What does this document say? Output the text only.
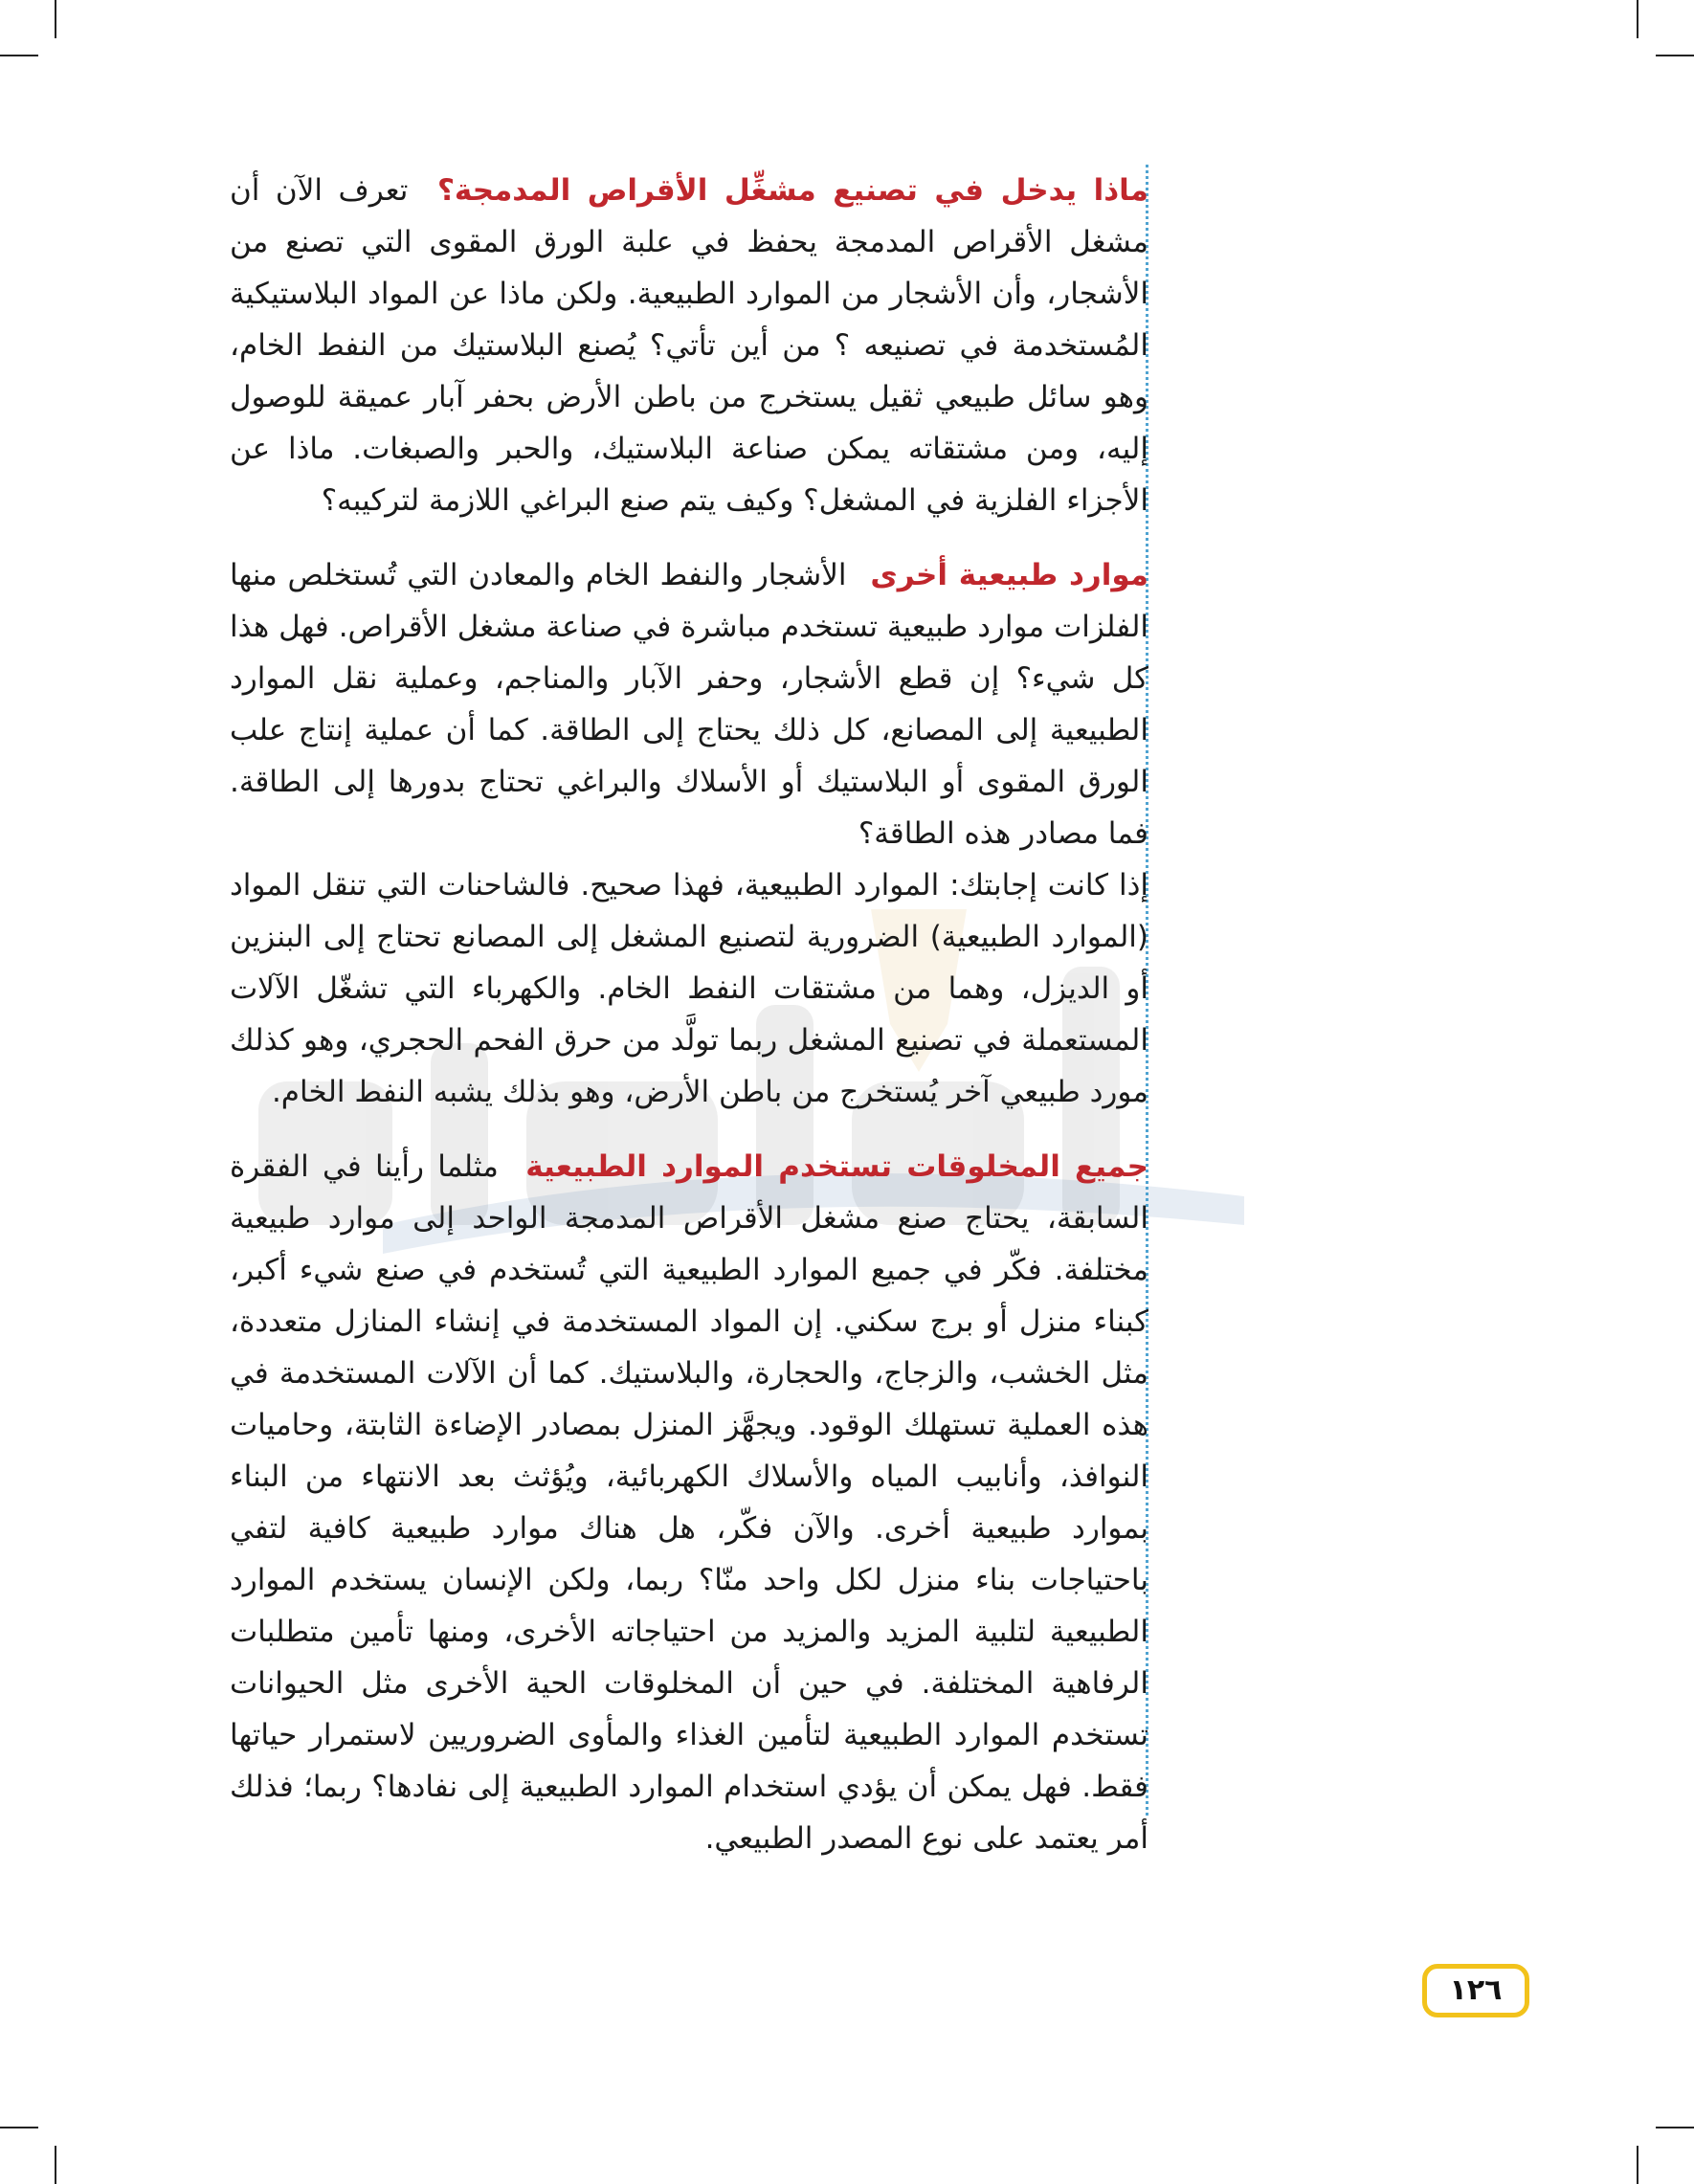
ماذا يدخل في تصنيع مشغِّل الأقراص المدمجة؟ تعرف الآن أن مشغل الأقراص المدمجة يحفظ في علبة الورق المقوى التي تصنع من الأشجار، وأن الأشجار من الموارد الطبيعية. ولكن ماذا عن المواد البلاستيكية المُستخدمة في تصنيعه ؟ من أين تأتي؟ يُصنع البلاستيك من النفط الخام، وهو سائل طبيعي ثقيل يستخرج من باطن الأرض بحفر آبار عميقة للوصول إليه، ومن مشتقاته يمكن صناعة البلاستيك، والحبر والصبغات. ماذا عن الأجزاء الفلزية في المشغل؟ وكيف يتم صنع البراغي اللازمة لتركيبه؟

موارد طبيعية أخرى الأشجار والنفط الخام والمعادن التي تُستخلص منها الفلزات موارد طبيعية تستخدم مباشرة في صناعة مشغل الأقراص. فهل هذا كل شيء؟ إن قطع الأشجار، وحفر الآبار والمناجم، وعملية نقل الموارد الطبيعية إلى المصانع، كل ذلك يحتاج إلى الطاقة. كما أن عملية إنتاج علب الورق المقوى أو البلاستيك أو الأسلاك والبراغي تحتاج بدورها إلى الطاقة. فما مصادر هذه الطاقة؟

إذا كانت إجابتك: الموارد الطبيعية، فهذا صحيح. فالشاحنات التي تنقل المواد (الموارد الطبيعية) الضرورية لتصنيع المشغل إلى المصانع تحتاج إلى البنزين أو الديزل، وهما من مشتقات النفط الخام. والكهرباء التي تشغّل الآلات المستعملة في تصنيع المشغل ربما تولَّد من حرق الفحم الحجري، وهو كذلك مورد طبيعي آخر يُستخرج من باطن الأرض، وهو بذلك يشبه النفط الخام.

جميع المخلوقات تستخدم الموارد الطبيعية مثلما رأينا في الفقرة السابقة، يحتاج صنع مشغل الأقراص المدمجة الواحد إلى موارد طبيعية مختلفة. فكّر في جميع الموارد الطبيعية التي تُستخدم في صنع شيء أكبر، كبناء منزل أو برج سكني. إن المواد المستخدمة في إنشاء المنازل متعددة، مثل الخشب، والزجاج، والحجارة، والبلاستيك. كما أن الآلات المستخدمة في هذه العملية تستهلك الوقود. ويجهَّز المنزل بمصادر الإضاءة الثابتة، وحاميات النوافذ، وأنابيب المياه والأسلاك الكهربائية، ويُؤثث بعد الانتهاء من البناء بموارد طبيعية أخرى. والآن فكّر، هل هناك موارد طبيعية كافية لتفي باحتياجات بناء منزل لكل واحد منّا؟ ربما، ولكن الإنسان يستخدم الموارد الطبيعية لتلبية المزيد والمزيد من احتياجاته الأخرى، ومنها تأمين متطلبات الرفاهية المختلفة. في حين أن المخلوقات الحية الأخرى مثل الحيوانات تستخدم الموارد الطبيعية لتأمين الغذاء والمأوى الضروريين لاستمرار حياتها فقط. فهل يمكن أن يؤدي استخدام الموارد الطبيعية إلى نفادها؟ ربما؛ فذلك أمر يعتمد على نوع المصدر الطبيعي.

١٢٦
